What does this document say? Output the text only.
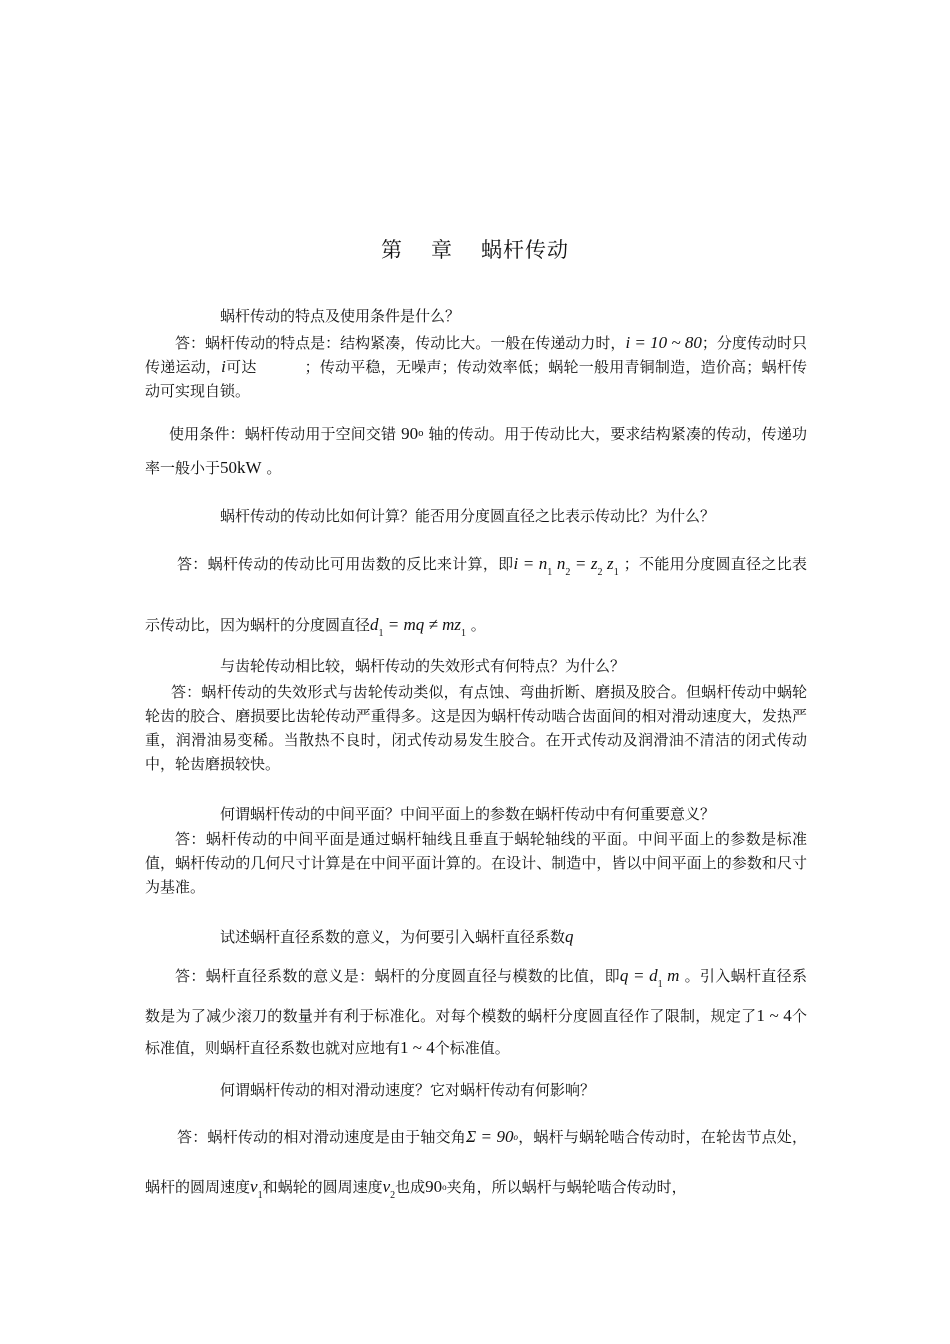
第 章 蜗杆传动
蜗杆传动的特点及使用条件是什么？
答：蜗杆传动的特点是：结构紧凑，传动比大。一般在传递动力时，i = 10 ~ 80；分度传动时只传递运动，i可达	；传动平稳，无噪声；传动效率低；蜗轮一般用青铜制造，造价高；蜗杆传动可实现自锁。
使用条件：蜗杆传动用于空间交错 90$^o$ 轴的传动。用于传动比大，要求结构紧凑的传动，传递功率一般小于50kW 。
蜗杆传动的传动比如何计算？能否用分度圆直径之比表示传动比？为什么？
答：蜗杆传动的传动比可用齿数的反比来计算，即$i = n_1$ $n_2 = z_2$ $z_1$ ；不能用分度圆直径之比表示传动比，因为蜗杆的分度圆直径$d_1$ = mq ≠ $mz_1$ 。
与齿轮传动相比较，蜗杆传动的失效形式有何特点？为什么？
答：蜗杆传动的失效形式与齿轮传动类似，有点蚀、弯曲折断、磨损及胶合。但蜗杆传动中蜗轮轮齿的胶合、磨损要比齿轮传动严重得多。这是因为蜗杆传动啮合齿面间的相对滑动速度大，发热严重，润滑油易变稀。当散热不良时，闭式传动易发生胶合。在开式传动及润滑油不清洁的闭式传动中，轮齿磨损较快。
何谓蜗杆传动的中间平面？中间平面上的参数在蜗杆传动中有何重要意义？
答：蜗杆传动的中间平面是通过蜗杆轴线且垂直于蜗轮轴线的平面。中间平面上的参数是标准值，蜗杆传动的几何尺寸计算是在中间平面计算的。在设计、制造中，皆以中间平面上的参数和尺寸为基准。
试述蜗杆直径系数的意义，为何要引入蜗杆直径系数q
答：蜗杆直径系数的意义是：蜗杆的分度圆直径与模数的比值，即$q = d_1$ m 。引入蜗杆直径系数是为了减少滚刀的数量并有利于标准化。对每个模数的蜗杆分度圆直径作了限制，规定了1 ~ 4个标准值，则蜗杆直径系数也就对应地有1 ~ 4个标准值。
何谓蜗杆传动的相对滑动速度？它对蜗杆传动有何影响？
答：蜗杆传动的相对滑动速度是由于轴交角$\Sigma = 90^o$，蜗杆与蜗轮啮合传动时，在轮齿节点处，蜗杆的圆周速度$v_1$和蜗轮的圆周速度$v_2$也成90$^o$夹角，所以蜗杆与蜗轮啮合传动时，
